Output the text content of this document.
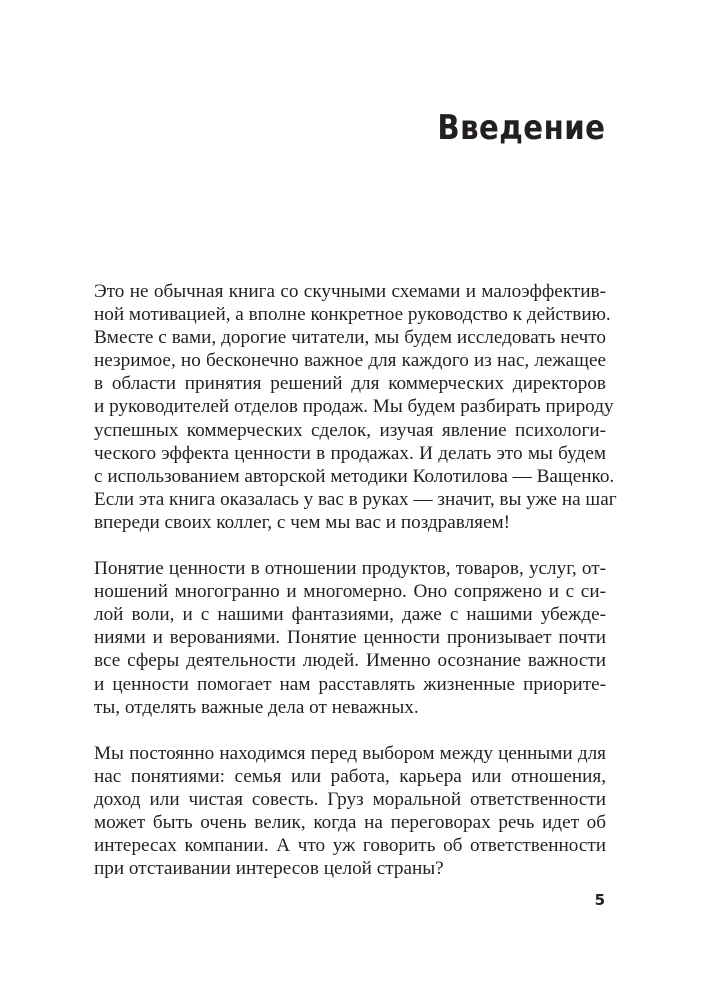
Введение

Это не обычная книга со скучными схемами и малоэффектив-
ной мотивацией, а вполне конкретное руководство к действию.
Вместе с вами, дорогие читатели, мы будем исследовать нечто
незримое, но бесконечно важное для каждого из нас, лежащее
в области принятия решений для коммерческих директоров
и руководителей отделов продаж. Мы будем разбирать природу
успешных коммерческих сделок, изучая явление психологи-
ческого эффекта ценности в продажах. И делать это мы будем
с использованием авторской методики Колотилова — Ващенко.
Если эта книга оказалась у вас в руках — значит, вы уже на шаг
впереди своих коллег, с чем мы вас и поздравляем!

Понятие ценности в отношении продуктов, товаров, услуг, от-
ношений многогранно и многомерно. Оно сопряжено и с си-
лой воли, и с нашими фантазиями, даже с нашими убежде-
ниями и верованиями. Понятие ценности пронизывает почти
все сферы деятельности людей. Именно осознание важности
и ценности помогает нам расставлять жизненные приорите-
ты, отделять важные дела от неважных.

Мы постоянно находимся перед выбором между ценными для
нас понятиями: семья или работа, карьера или отношения,
доход или чистая совесть. Груз моральной ответственности
может быть очень велик, когда на переговорах речь идет об
интересах компании. А что уж говорить об ответственности
при отстаивании интересов целой страны?

5
